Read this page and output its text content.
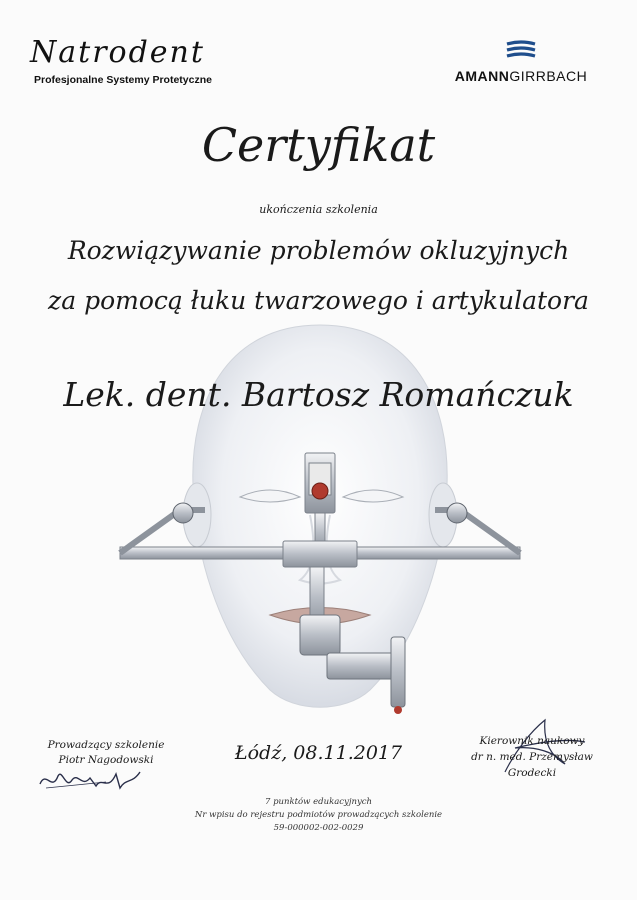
Natrodent
Profesjonalne Systemy Protetyczne	AMANNGIRRBACH
Certyfikat
ukończenia szkolenia
Rozwiązywanie problemów okluzyjnych
za pomocą łuku twarzowego i artykulatora
Lek. dent. Bartosz Romańczuk
Prowadzący szkolenie
Piotr Nagodowski	Łódź, 08.11.2017
Kierownik naukowy
dr n. med. Przemysław Grodecki
7 punktów edukacyjnych
Nr wpisu do rejestru podmiotów prowadzących szkolenie
59-000002-002-0029
